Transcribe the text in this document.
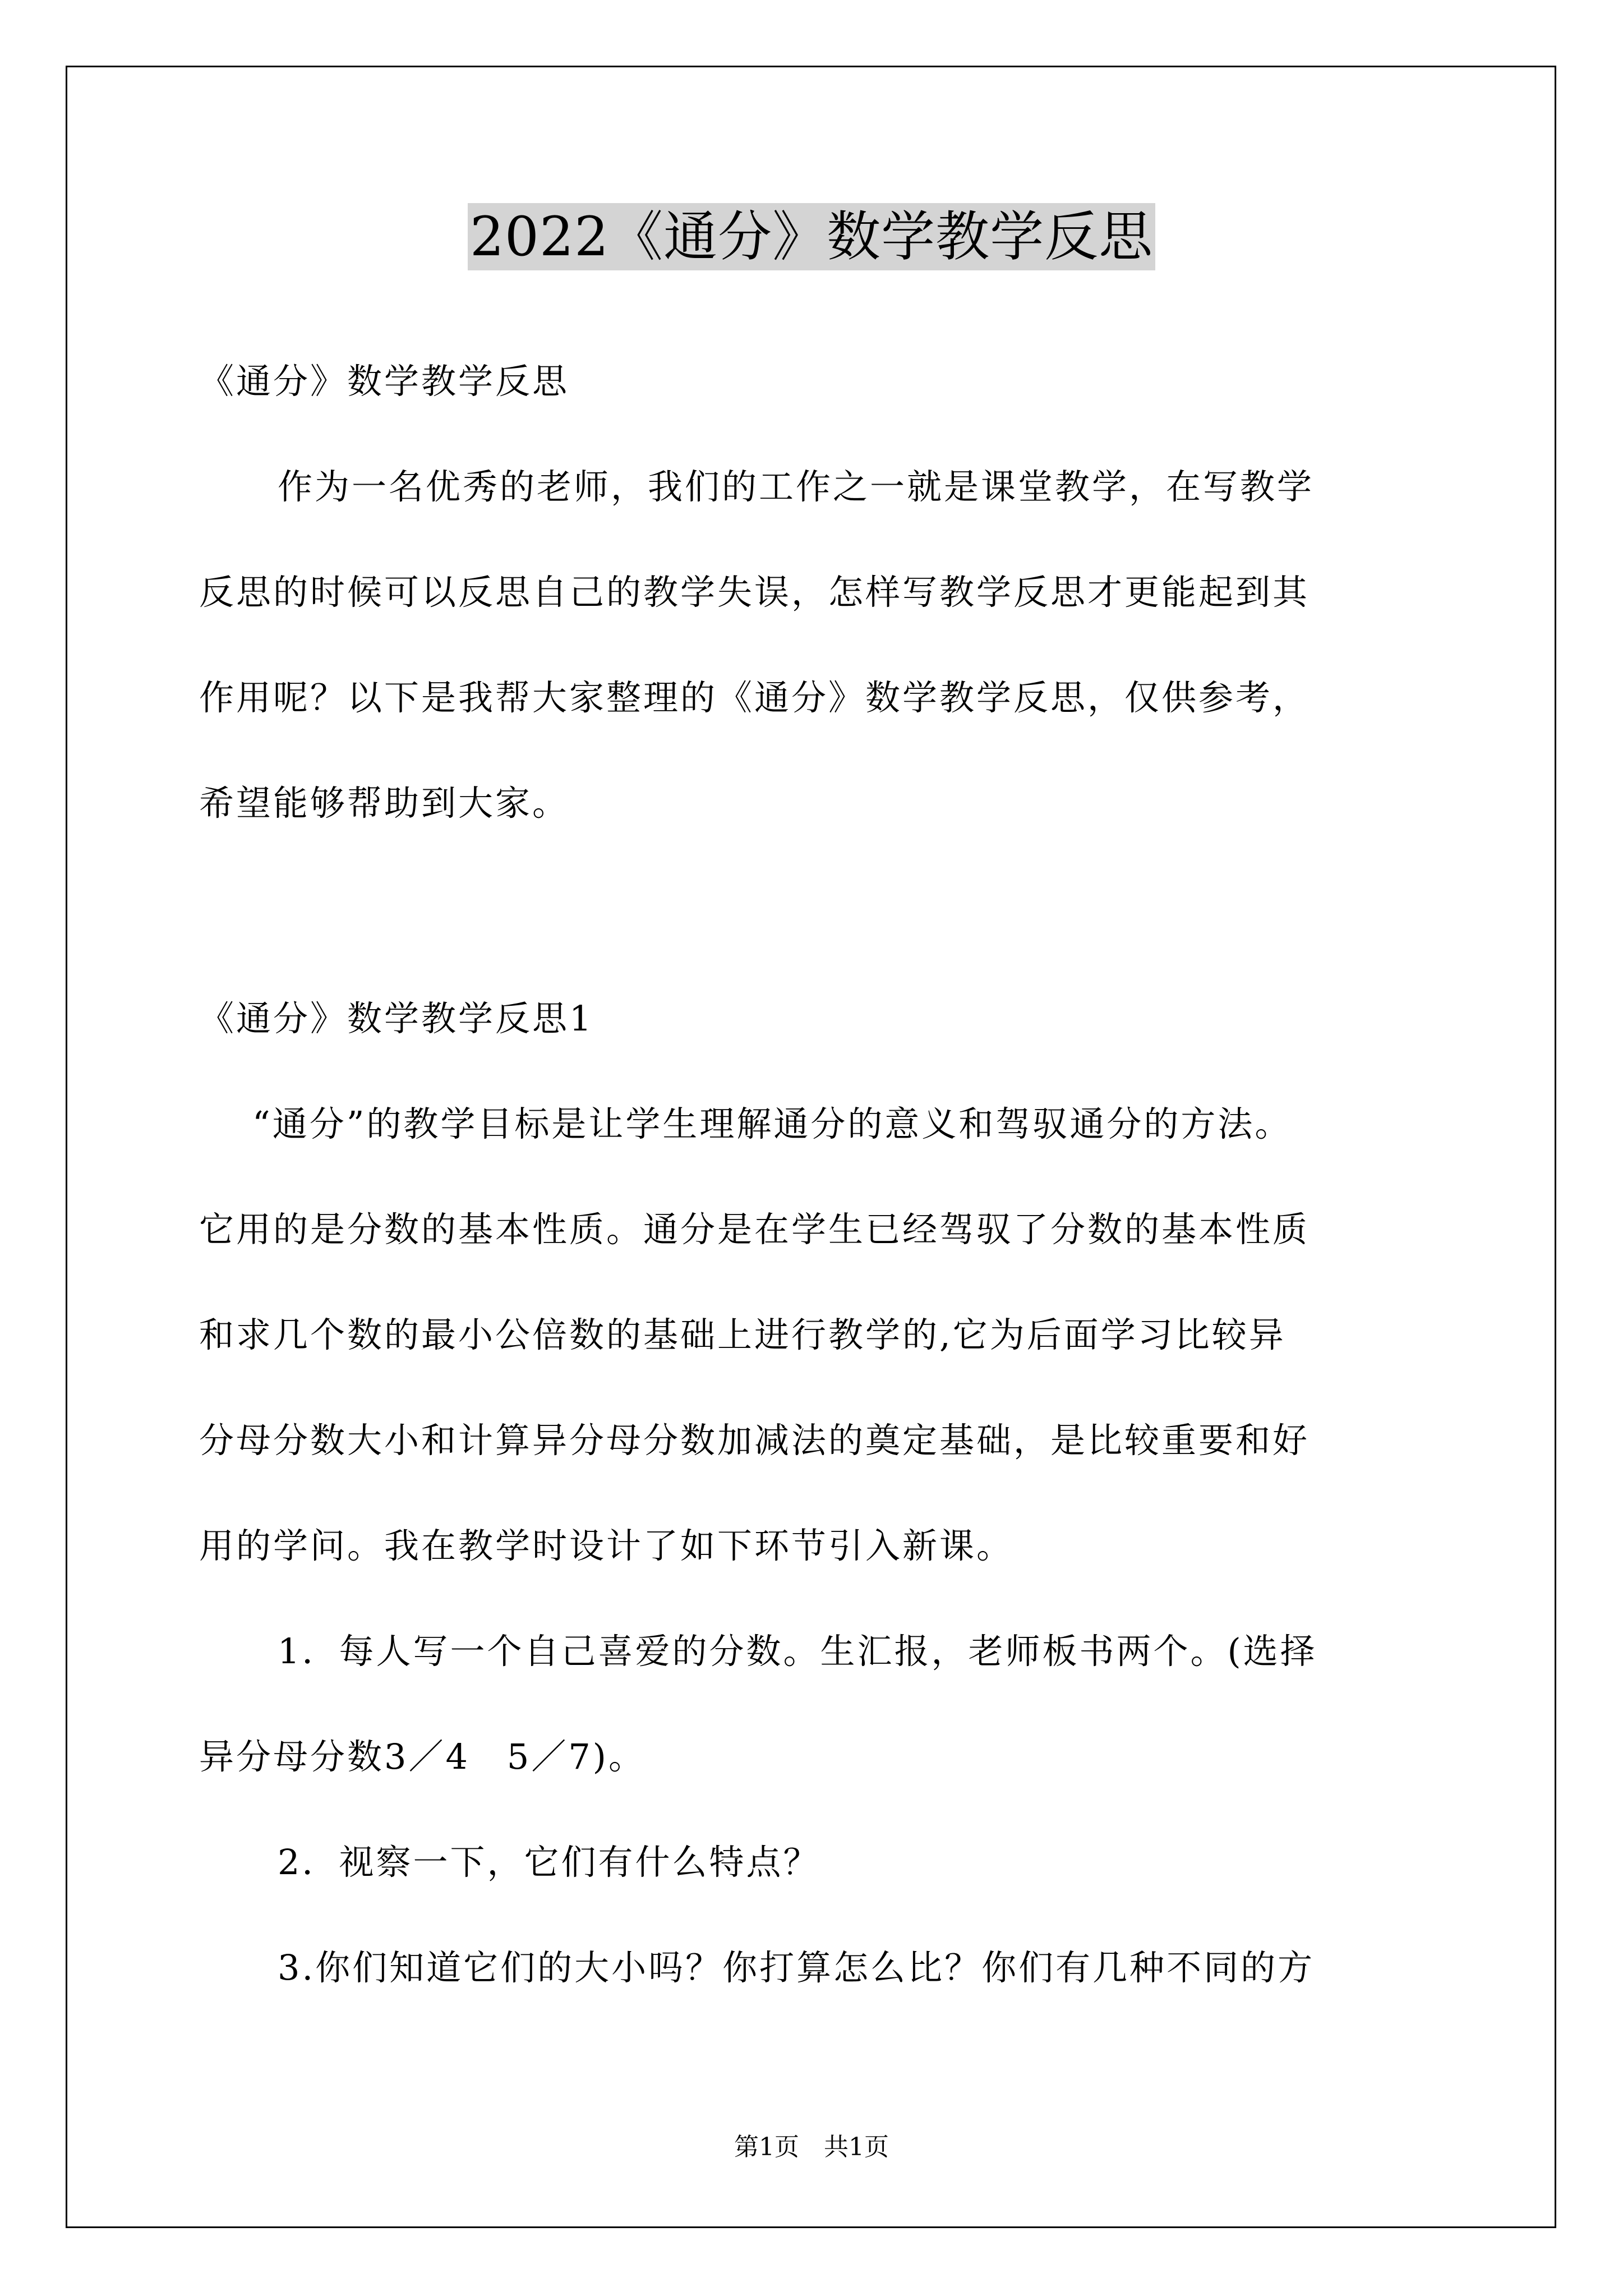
2022《通分》数学教学反思
《通分》数学教学反思
作为一名优秀的老师，我们的工作之一就是课堂教学，在写教学
反思的时候可以反思自己的教学失误，怎样写教学反思才更能起到其
作用呢？以下是我帮大家整理的《通分》数学教学反思，仅供参考，
希望能够帮助到大家。
《通分》数学教学反思1
“通分”的教学目标是让学生理解通分的意义和驾驭通分的方法。
它用的是分数的基本性质。通分是在学生已经驾驭了分数的基本性质
和求几个数的最小公倍数的基础上进行教学的,它为后面学习比较异
分母分数大小和计算异分母分数加减法的奠定基础，是比较重要和好
用的学问。我在教学时设计了如下环节引入新课。
1．每人写一个自己喜爱的分数。生汇报，老师板书两个。(选择
异分母分数3／4　5／7)。
2．视察一下，它们有什么特点？
3.你们知道它们的大小吗？你打算怎么比？你们有几种不同的方
第1页　共1页
